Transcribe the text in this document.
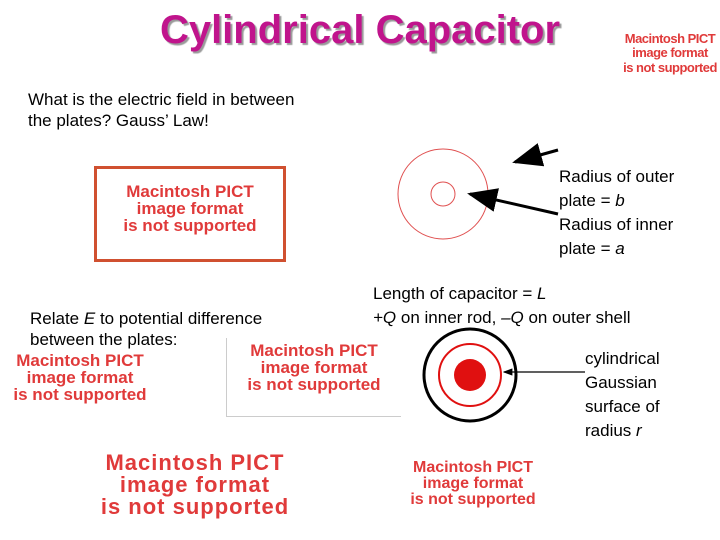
Cylindrical Capacitor	Macintosh PICT
image format
is not supported
What is the electric field in between
the plates? Gauss’ Law!
Macintosh PICT
image format
is not supported

Relate E to potential difference
between the plates:

Macintosh PICT
image format
is not supported
Macintosh PICT
image format
is not supported
Macintosh PICT
image format
is not supported
Macintosh PICT
image format
is not supported

Radius of outer
plate = b

Radius of inner
plate = a

Length of capacitor = L

+Q on inner rod, –Q on outer shell

cylindrical
Gaussian
surface of
radius r
